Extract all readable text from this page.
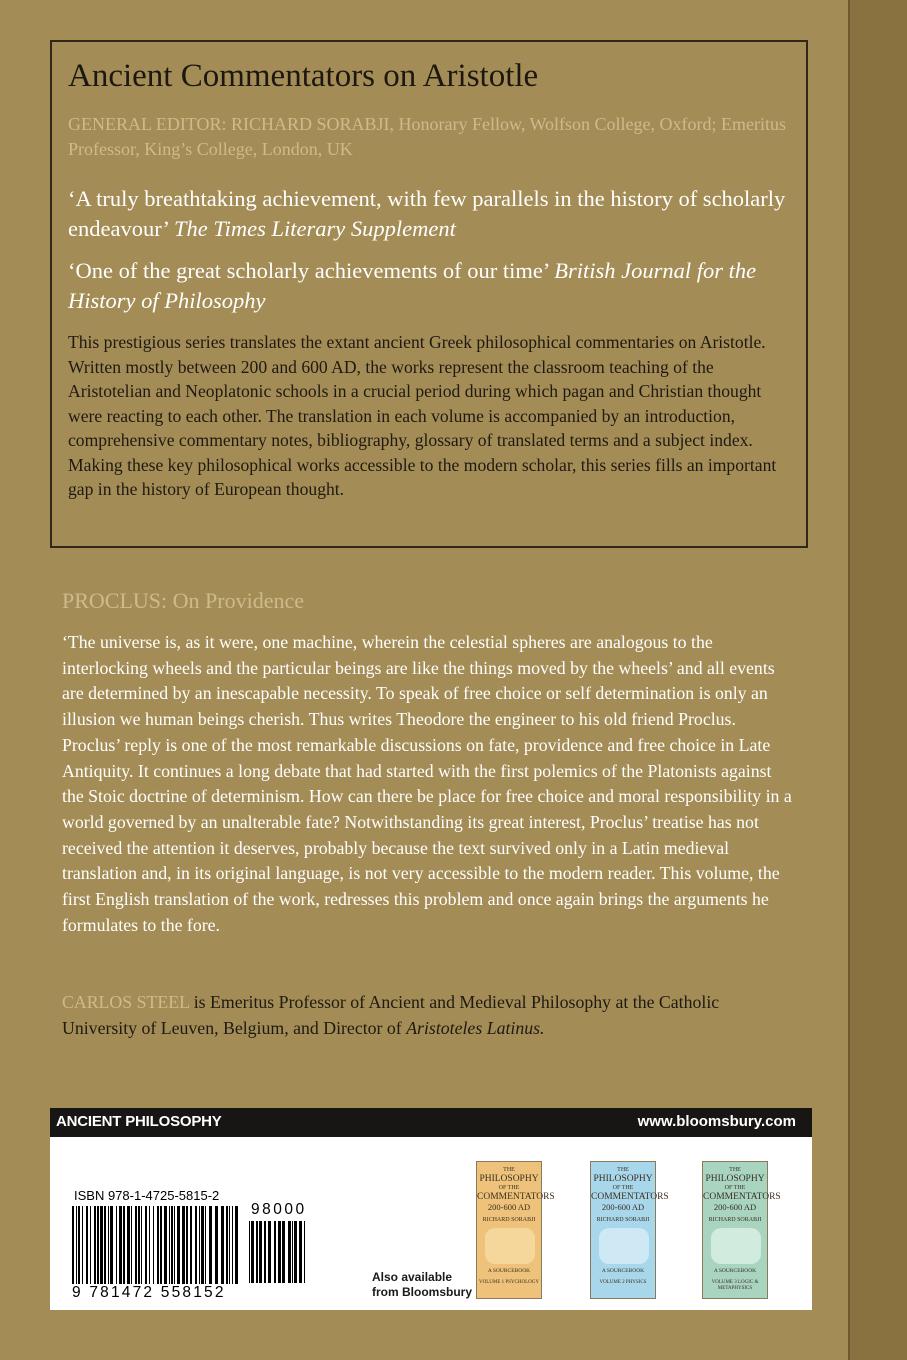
Ancient Commentators on Aristotle

GENERAL EDITOR: RICHARD SORABJI, Honorary Fellow, Wolfson College, Oxford; Emeritus Professor, King’s College, London, UK

‘A truly breathtaking achievement, with few parallels in the history of scholarly endeavour’ The Times Literary Supplement

‘One of the great scholarly achievements of our time’ British Journal for the History of Philosophy

This prestigious series translates the extant ancient Greek philosophical commentaries on Aristotle. Written mostly between 200 and 600 AD, the works represent the classroom teaching of the Aristotelian and Neoplatonic schools in a crucial period during which pagan and Christian thought were reacting to each other. The translation in each volume is accompanied by an introduction, comprehensive commentary notes, bibliography, glossary of translated terms and a subject index. Making these key philosophical works accessible to the modern scholar, this series fills an important gap in the history of European thought.

PROCLUS: On Providence

‘The universe is, as it were, one machine, wherein the celestial spheres are analogous to the interlocking wheels and the particular beings are like the things moved by the wheels’ and all events are determined by an inescapable necessity. To speak of free choice or self determination is only an illusion we human beings cherish. Thus writes Theodore the engineer to his old friend Proclus. Proclus’ reply is one of the most remarkable discussions on fate, providence and free choice in Late Antiquity. It continues a long debate that had started with the first polemics of the Platonists against the Stoic doctrine of determinism. How can there be place for free choice and moral responsibility in a world governed by an unalterable fate? Notwithstanding its great interest, Proclus’ treatise has not received the attention it deserves, probably because the text survived only in a Latin medieval translation and, in its original language, is not very accessible to the modern reader. This volume, the first English translation of the work, redresses this problem and once again brings the arguments he formulates to the fore.

CARLOS STEEL is Emeritus Professor of Ancient and Medieval Philosophy at the Catholic University of Leuven, Belgium, and Director of Aristoteles Latinus.

ANCIENT PHILOSOPHY	www.bloomsbury.com
ISBN 978-1-4725-5815-2
9 781472 558152
98000
Also available from Bloomsbury
THE
PHILOSOPHY
OF THE
COMMENTATORS
200-600 AD
RICHARD SORABJI
A SOURCEBOOK
VOLUME 1 PSYCHOLOGY
THE
PHILOSOPHY
OF THE
COMMENTATORS
200-600 AD
RICHARD SORABJI
A SOURCEBOOK
VOLUME 2 PHYSICS
THE
PHILOSOPHY
OF THE
COMMENTATORS
200-600 AD
RICHARD SORABJI
A SOURCEBOOK
VOLUME 3 LOGIC & METAPHYSICS
